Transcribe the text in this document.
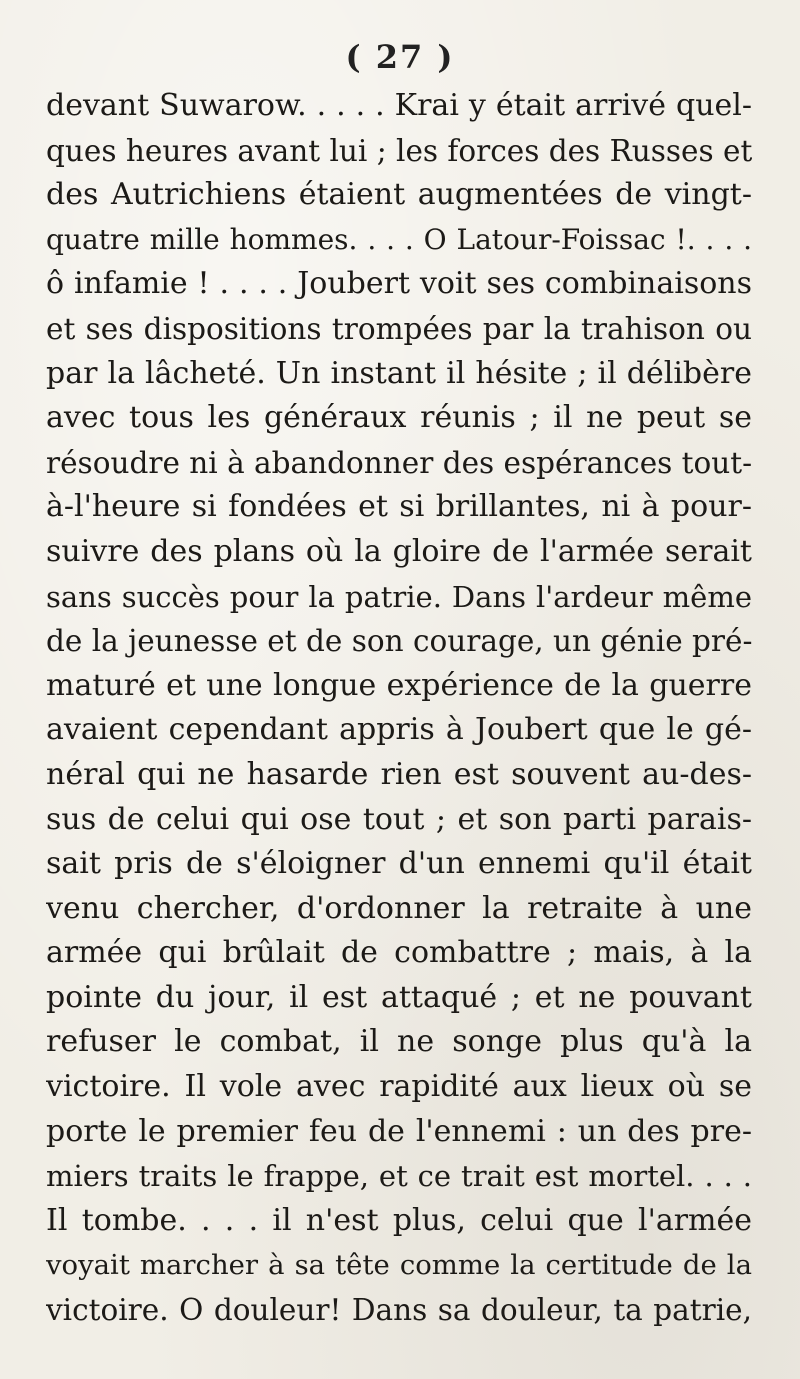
( 27 )
devant Suwarow. . . . . Krai y était arrivé quel-
ques heures avant lui ; les forces des Russes et
des Autrichiens étaient augmentées de vingt-
quatre mille hommes. . . . O Latour-Foissac !. . . .
ô infamie ! . . . . Joubert voit ses combinaisons
et ses dispositions trompées par la trahison ou
par la lâcheté. Un instant il hésite ; il délibère
avec tous les généraux réunis ; il ne peut se
résoudre ni à abandonner des espérances tout-
à-l'heure si fondées et si brillantes, ni à pour-
suivre des plans où la gloire de l'armée serait
sans succès pour la patrie. Dans l'ardeur même
de la jeunesse et de son courage, un génie pré-
maturé et une longue expérience de la guerre
avaient cependant appris à Joubert que le gé-
néral qui ne hasarde rien est souvent au-des-
sus de celui qui ose tout ; et son parti parais-
sait pris de s'éloigner d'un ennemi qu'il était
venu chercher, d'ordonner la retraite à une
armée qui brûlait de combattre ; mais, à la
pointe du jour, il est attaqué ; et ne pouvant
refuser le combat, il ne songe plus qu'à la
victoire. Il vole avec rapidité aux lieux où se
porte le premier feu de l'ennemi : un des pre-
miers traits le frappe, et ce trait est mortel. . . .
Il tombe. . . . il n'est plus, celui que l'armée
voyait marcher à sa tête comme la certitude de la
victoire. O douleur! Dans sa douleur, ta patrie,
